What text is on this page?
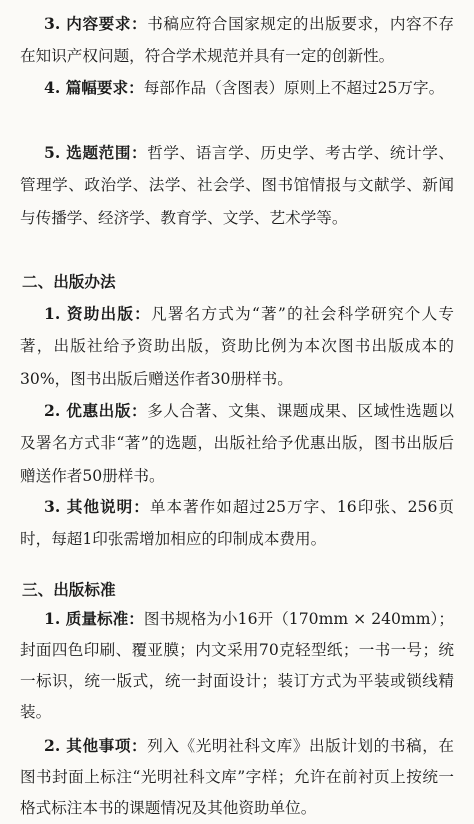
3. 内容要求：书稿应符合国家规定的出版要求，内容不存在知识产权问题，符合学术规范并具有一定的创新性。

4. 篇幅要求：每部作品（含图表）原则上不超过25万字。

5. 选题范围：哲学、语言学、历史学、考古学、统计学、管理学、政治学、法学、社会学、图书馆情报与文献学、新闻与传播学、经济学、教育学、文学、艺术学等。

二、出版办法

1. 资助出版：凡署名方式为“著”的社会科学研究个人专著，出版社给予资助出版，资助比例为本次图书出版成本的30%，图书出版后赠送作者30册样书。

2. 优惠出版：多人合著、文集、课题成果、区域性选题以及署名方式非“著”的选题，出版社给予优惠出版，图书出版后赠送作者50册样书。

3. 其他说明：单本著作如超过25万字、16印张、256页时，每超1印张需增加相应的印制成本费用。

三、出版标准

1. 质量标准：图书规格为小16开（170mm × 240mm）；封面四色印刷、覆亚膜；内文采用70克轻型纸；一书一号；统一标识，统一版式，统一封面设计；装订方式为平装或锁线精装。

2. 其他事项：列入《光明社科文库》出版计划的书稿，在图书封面上标注“光明社科文库”字样；允许在前衬页上按统一格式标注本书的课题情况及其他资助单位。
